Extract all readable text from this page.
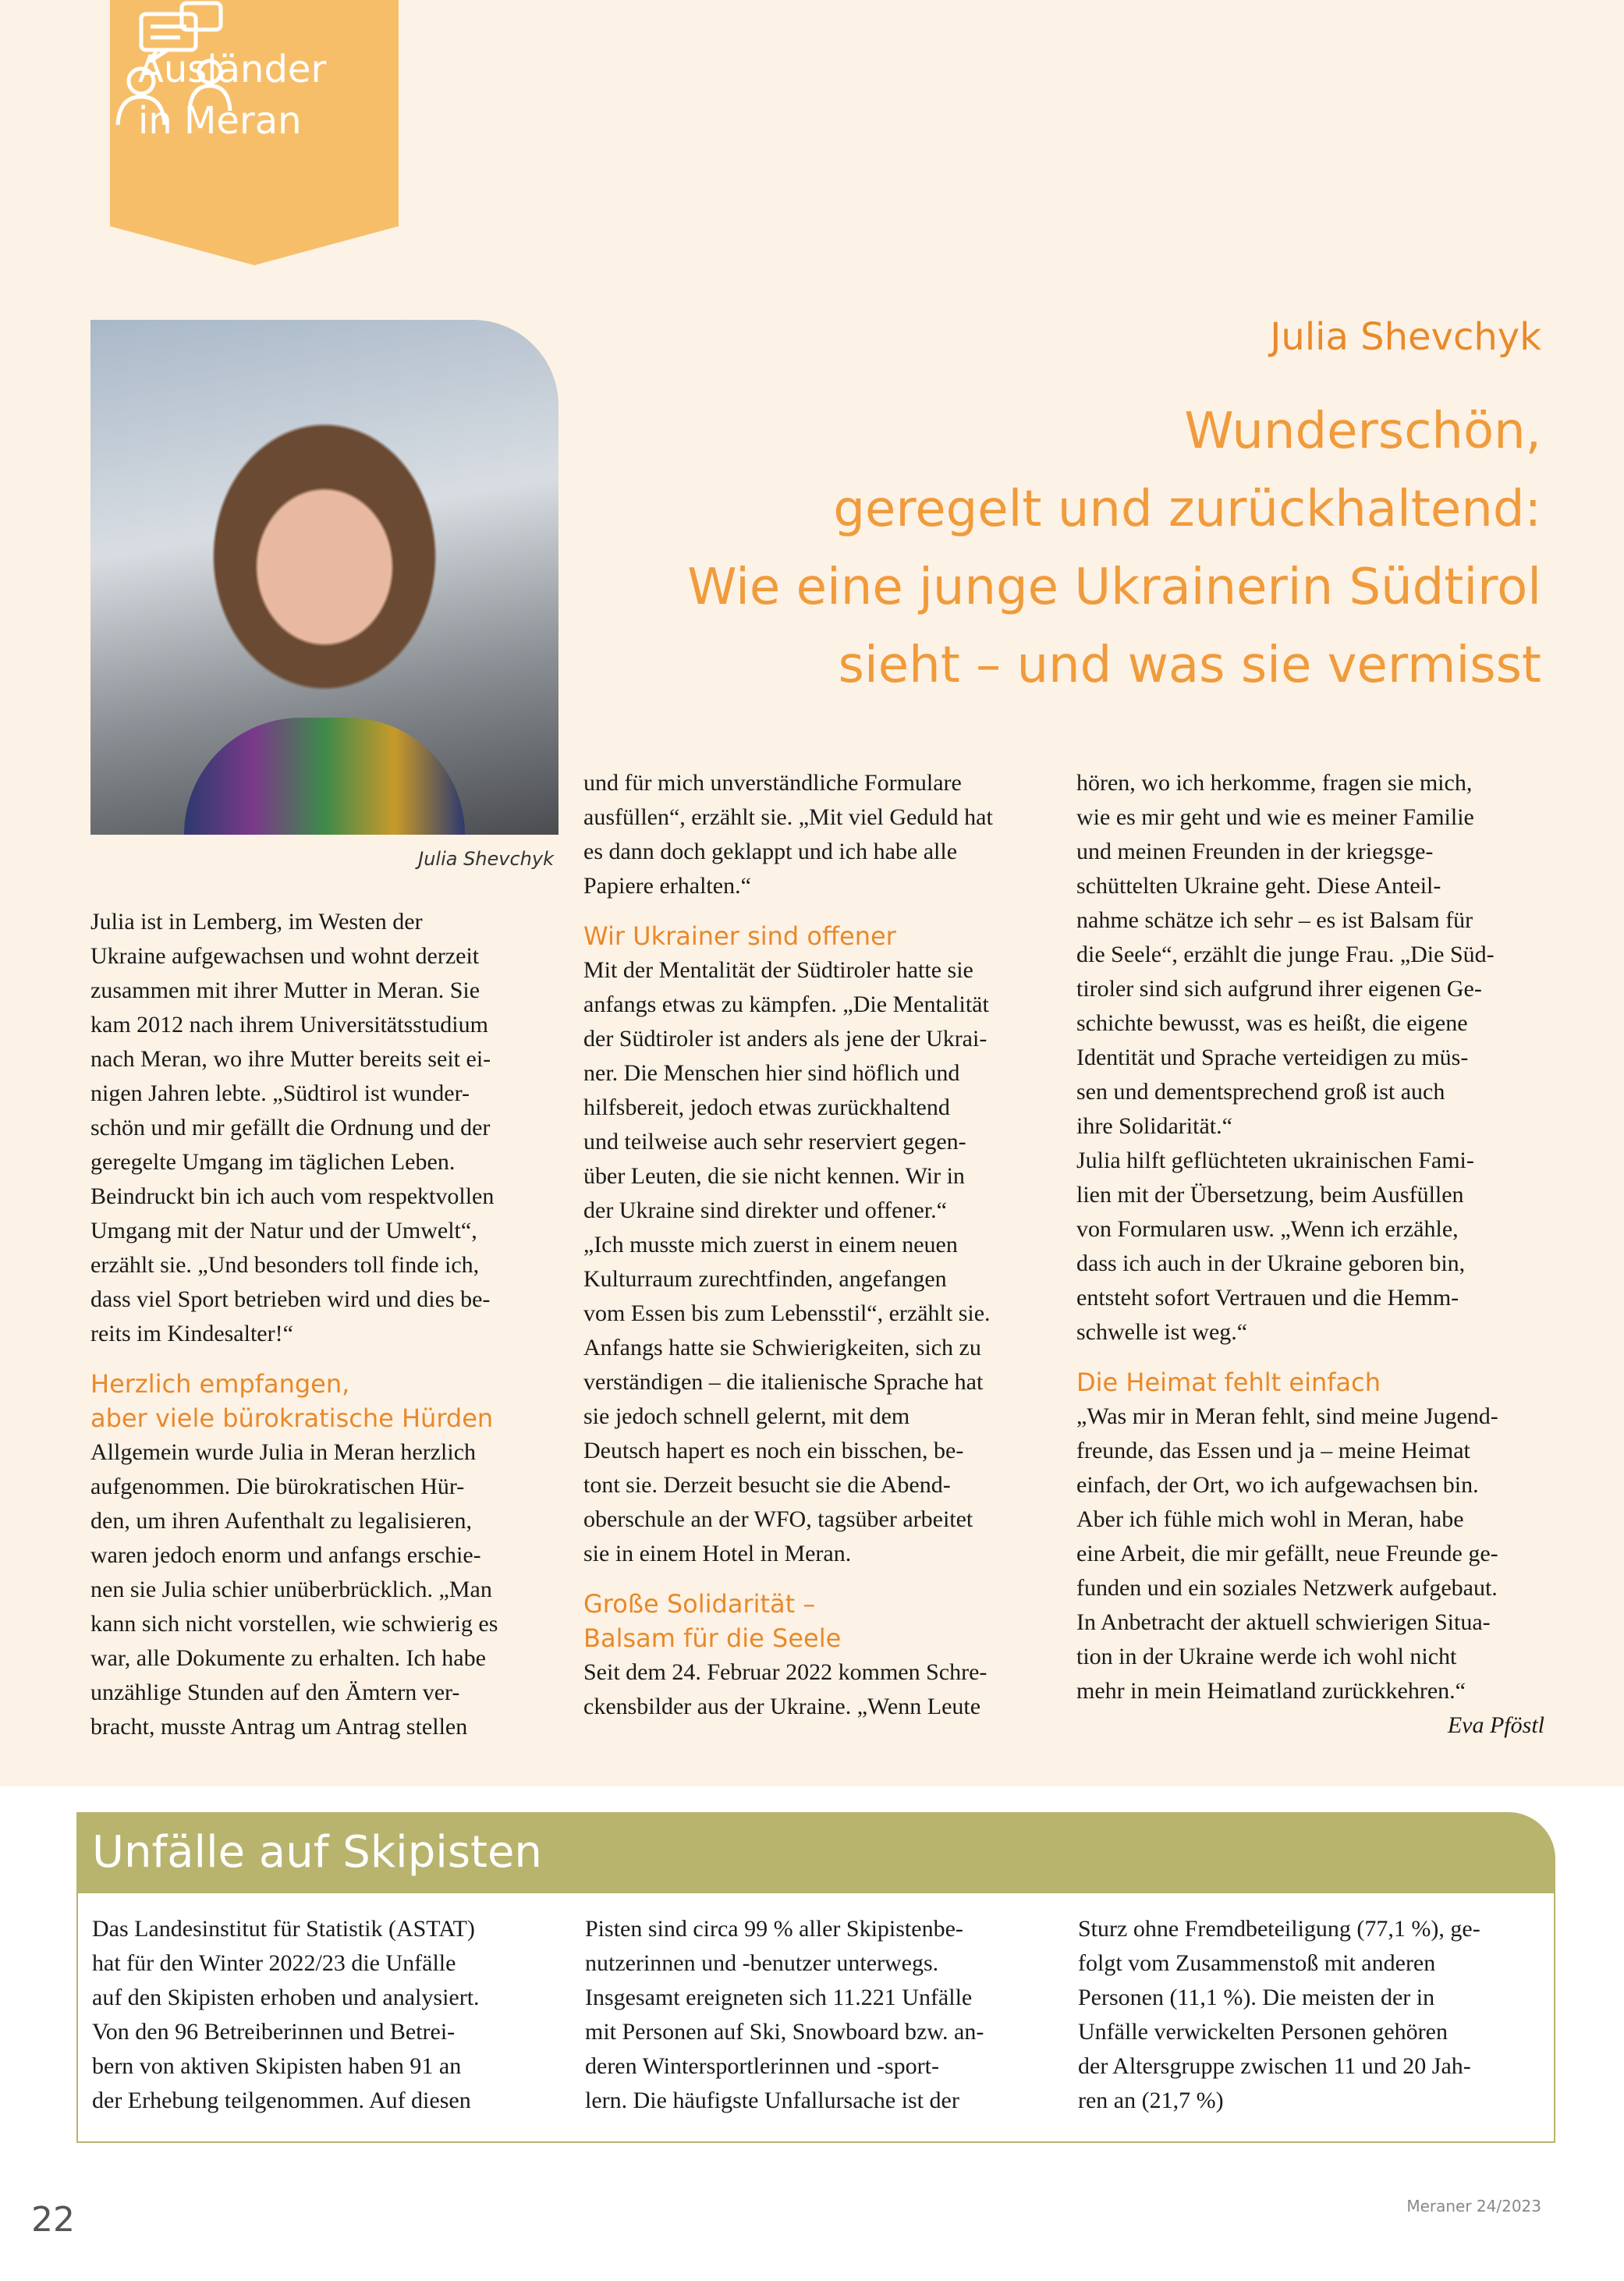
Ausländer
in Meran
Julia Shevchyk
Julia Shevchyk
Wunderschön,
geregelt und zurückhaltend:
Wie eine junge Ukrainerin Südtirol
sieht – und was sie vermisst

Julia ist in Lemberg, im Westen der
Ukraine aufgewachsen und wohnt derzeit
zusammen mit ihrer Mutter in Meran. Sie
kam 2012 nach ihrem Universitätsstudium
nach Meran, wo ihre Mutter bereits seit ei-
nigen Jahren lebte. „Südtirol ist wunder-
schön und mir gefällt die Ordnung und der
geregelte Umgang im täglichen Leben.
Beindruckt bin ich auch vom respektvollen
Umgang mit der Natur und der Umwelt“,
erzählt sie. „Und besonders toll finde ich,
dass viel Sport betrieben wird und dies be-
reits im Kindesalter!“

Herzlich empfangen,
aber viele bürokratische Hürden

Allgemein wurde Julia in Meran herzlich
aufgenommen. Die bürokratischen Hür-
den, um ihren Aufenthalt zu legalisieren,
waren jedoch enorm und anfangs erschie-
nen sie Julia schier unüberbrücklich. „Man
kann sich nicht vorstellen, wie schwierig es
war, alle Dokumente zu erhalten. Ich habe
unzählige Stunden auf den Ämtern ver-
bracht, musste Antrag um Antrag stellen

und für mich unverständliche Formulare
ausfüllen“, erzählt sie. „Mit viel Geduld hat
es dann doch geklappt und ich habe alle
Papiere erhalten.“

Wir Ukrainer sind offener

Mit der Mentalität der Südtiroler hatte sie
anfangs etwas zu kämpfen. „Die Mentalität
der Südtiroler ist anders als jene der Ukrai-
ner. Die Menschen hier sind höflich und
hilfsbereit, jedoch etwas zurückhaltend
und teilweise auch sehr reserviert gegen-
über Leuten, die sie nicht kennen. Wir in
der Ukraine sind direkter und offener.“
„Ich musste mich zuerst in einem neuen
Kulturraum zurechtfinden, angefangen
vom Essen bis zum Lebensstil“, erzählt sie.
Anfangs hatte sie Schwierigkeiten, sich zu
verständigen – die italienische Sprache hat
sie jedoch schnell gelernt, mit dem
Deutsch hapert es noch ein bisschen, be-
tont sie. Derzeit besucht sie die Abend-
oberschule an der WFO, tagsüber arbeitet
sie in einem Hotel in Meran.

Große Solidarität –
Balsam für die Seele

Seit dem 24. Februar 2022 kommen Schre-
ckensbilder aus der Ukraine. „Wenn Leute

hören, wo ich herkomme, fragen sie mich,
wie es mir geht und wie es meiner Familie
und meinen Freunden in der kriegsge-
schüttelten Ukraine geht. Diese Anteil-
nahme schätze ich sehr – es ist Balsam für
die Seele“, erzählt die junge Frau. „Die Süd-
tiroler sind sich aufgrund ihrer eigenen Ge-
schichte bewusst, was es heißt, die eigene
Identität und Sprache verteidigen zu müs-
sen und dementsprechend groß ist auch
ihre Solidarität.“
Julia hilft geflüchteten ukrainischen Fami-
lien mit der Übersetzung, beim Ausfüllen
von Formularen usw. „Wenn ich erzähle,
dass ich auch in der Ukraine geboren bin,
entsteht sofort Vertrauen und die Hemm-
schwelle ist weg.“

Die Heimat fehlt einfach

„Was mir in Meran fehlt, sind meine Jugend-
freunde, das Essen und ja – meine Heimat
einfach, der Ort, wo ich aufgewachsen bin.
Aber ich fühle mich wohl in Meran, habe
eine Arbeit, die mir gefällt, neue Freunde ge-
funden und ein soziales Netzwerk aufgebaut.
In Anbetracht der aktuell schwierigen Situa-
tion in der Ukraine werde ich wohl nicht
mehr in mein Heimatland zurückkehren.“

Eva Pföstl

Unfälle auf Skipisten

Das Landesinstitut für Statistik (ASTAT)
hat für den Winter 2022/23 die Unfälle
auf den Skipisten erhoben und analysiert.
Von den 96 Betreiberinnen und Betrei-
bern von aktiven Skipisten haben 91 an
der Erhebung teilgenommen. Auf diesen

Pisten sind circa 99 % aller Skipistenbe-
nutzerinnen und -benutzer unterwegs.
Insgesamt ereigneten sich 11.221 Unfälle
mit Personen auf Ski, Snowboard bzw. an-
deren Wintersportlerinnen und -sport-
lern. Die häufigste Unfallursache ist der

Sturz ohne Fremdbeteiligung (77,1 %), ge-
folgt vom Zusammenstoß mit anderen
Personen (11,1 %). Die meisten der in
Unfälle verwickelten Personen gehören
der Altersgruppe zwischen 11 und 20 Jah-
ren an (21,7 %)

22	Meraner 24/2023
